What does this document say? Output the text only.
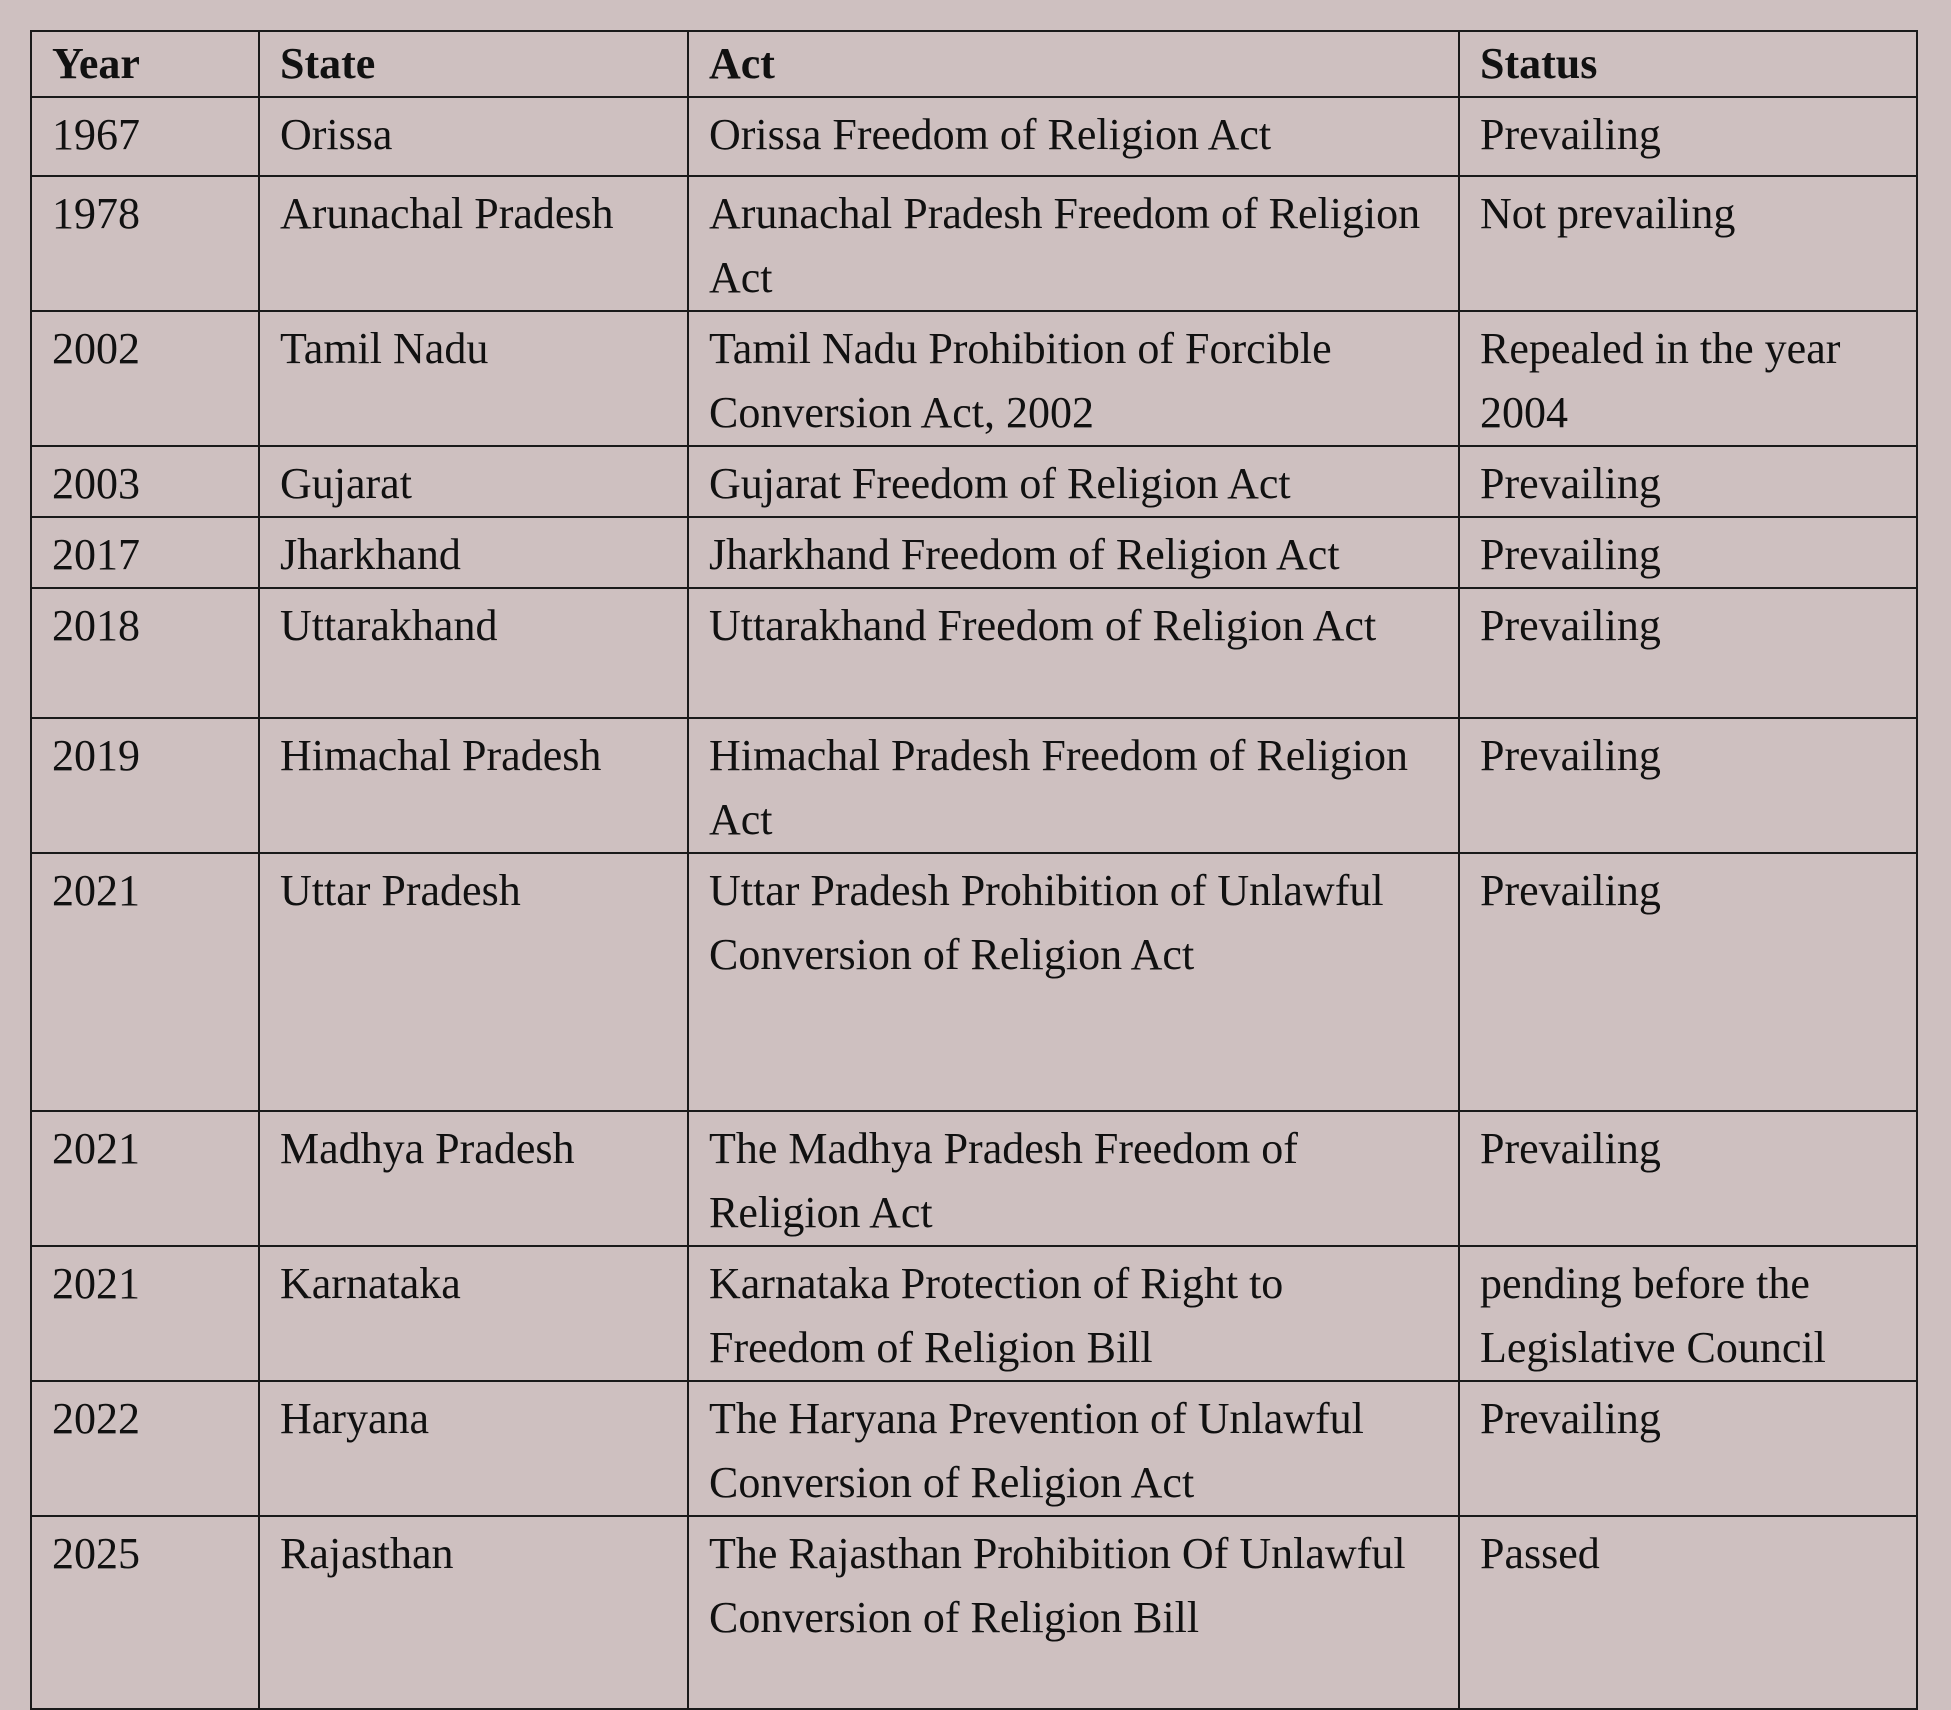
Year	State	Act	Status
1967	Orissa	Orissa Freedom of Religion Act	Prevailing
1978	Arunachal Pradesh	Arunachal Pradesh Freedom of Religion Act	Not prevailing
2002	Tamil Nadu	Tamil Nadu Prohibition of Forcible Conversion Act, 2002	Repealed in the year 2004
2003	Gujarat	Gujarat Freedom of Religion Act	Prevailing
2017	Jharkhand	Jharkhand Freedom of Religion Act	Prevailing
2018	Uttarakhand	Uttarakhand Freedom of Religion Act	Prevailing
2019	Himachal Pradesh	Himachal Pradesh Freedom of Religion Act	Prevailing
2021	Uttar Pradesh	Uttar Pradesh Prohibition of Unlawful Conversion of Religion Act	Prevailing
2021	Madhya Pradesh	The Madhya Pradesh Freedom of Religion Act	Prevailing
2021	Karnataka	Karnataka Protection of Right to Freedom of Religion Bill	pending before the Legislative Council
2022	Haryana	The Haryana Prevention of Unlawful Conversion of Religion Act	Prevailing
2025	Rajasthan	The Rajasthan Prohibition Of Unlawful Conversion of Religion Bill	Passed
